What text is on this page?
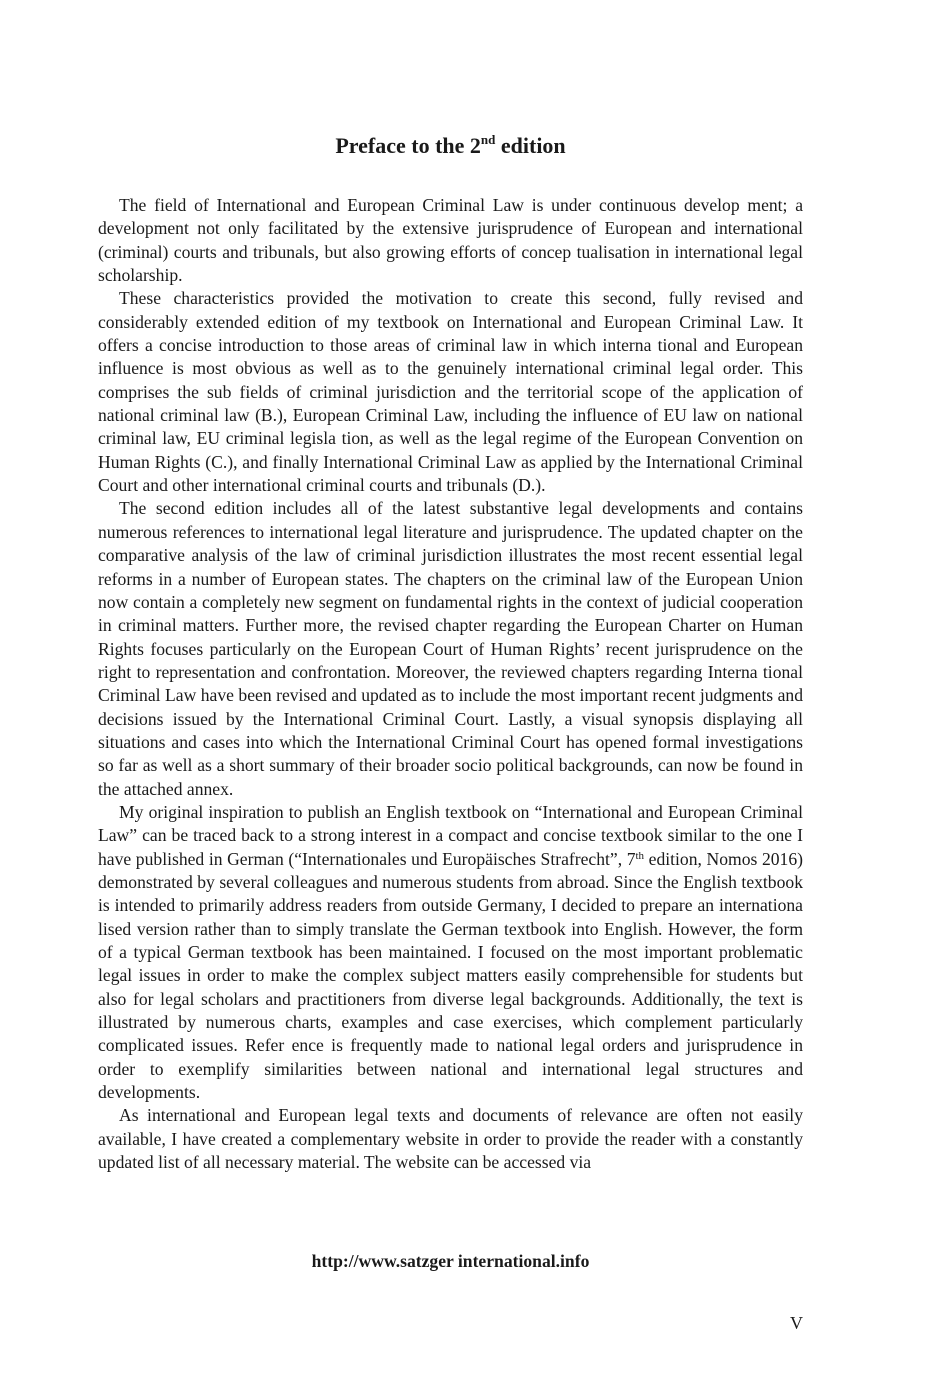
Preface to the 2nd edition

The field of International and European Criminal Law is under continuous develop ment; a development not only facilitated by the extensive jurisprudence of European and international (criminal) courts and tribunals, but also growing efforts of concep tualisation in international legal scholarship.

These characteristics provided the motivation to create this second, fully revised and considerably extended edition of my textbook on International and European Criminal Law. It offers a concise introduction to those areas of criminal law in which interna tional and European influence is most obvious as well as to the genuinely international criminal legal order. This comprises the sub fields of criminal jurisdiction and the territorial scope of the application of national criminal law (B.), European Criminal Law, including the influence of EU law on national criminal law, EU criminal legisla tion, as well as the legal regime of the European Convention on Human Rights (C.), and finally International Criminal Law as applied by the International Criminal Court and other international criminal courts and tribunals (D.).

The second edition includes all of the latest substantive legal developments and contains numerous references to international legal literature and jurisprudence. The updated chapter on the comparative analysis of the law of criminal jurisdiction illustrates the most recent essential legal reforms in a number of European states. The chapters on the criminal law of the European Union now contain a completely new segment on fundamental rights in the context of judicial cooperation in criminal matters. Further more, the revised chapter regarding the European Charter on Human Rights focuses particularly on the European Court of Human Rights’ recent jurisprudence on the right to representation and confrontation. Moreover, the reviewed chapters regarding Interna tional Criminal Law have been revised and updated as to include the most important recent judgments and decisions issued by the International Criminal Court. Lastly, a visual synopsis displaying all situations and cases into which the International Criminal Court has opened formal investigations so far as well as a short summary of their broader socio political backgrounds, can now be found in the attached annex.

My original inspiration to publish an English textbook on “International and European Criminal Law” can be traced back to a strong interest in a compact and concise textbook similar to the one I have published in German (“Internationales und Europäisches Strafrecht”, 7th edition, Nomos 2016) demonstrated by several colleagues and numerous students from abroad. Since the English textbook is intended to primarily address readers from outside Germany, I decided to prepare an internationa lised version rather than to simply translate the German textbook into English. However, the form of a typical German textbook has been maintained. I focused on the most important problematic legal issues in order to make the complex subject matters easily comprehensible for students but also for legal scholars and practitioners from diverse legal backgrounds. Additionally, the text is illustrated by numerous charts, examples and case exercises, which complement particularly complicated issues. Refer ence is frequently made to national legal orders and jurisprudence in order to exemplify similarities between national and international legal structures and developments.

As international and European legal texts and documents of relevance are often not easily available, I have created a complementary website in order to provide the reader with a constantly updated list of all necessary material. The website can be accessed via

http://www.satzger international.info

V
